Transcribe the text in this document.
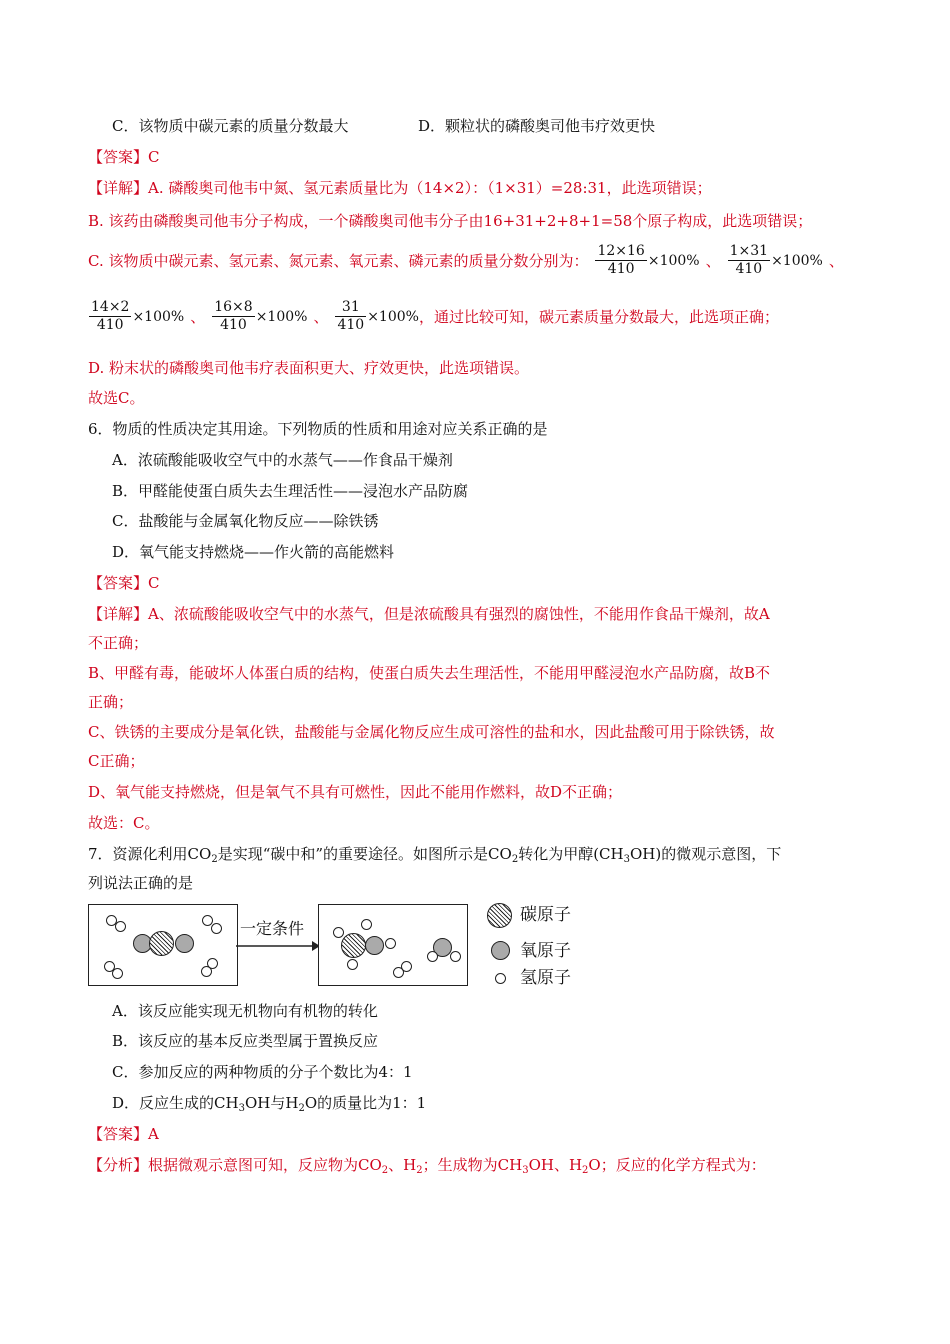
C．该物质中碳元素的质量分数最大	D．颗粒状的磷酸奥司他韦疗效更快
【答案】C
【详解】A. 磷酸奥司他韦中氮、氢元素质量比为（14×2）：（1×31）=28:31，此选项错误；
B. 该药由磷酸奥司他韦分子构成，一个磷酸奥司他韦分子由16+31+2+8+1=58个原子构成，此选项错误；
C. 该物质中碳元素、氢元素、氮元素、氧元素、磷元素的质量分数分别为： $\frac{12\times 16}{410} \times 100\%$ 、 $\frac{1\times 31}{410} \times 100\%$ 、
$\frac{14\times 2}{410} \times 100\%$ 、 $\frac{16\times 8}{410} \times 100\%$ 、 $\frac{31}{410} \times 100\%$ ，通过比较可知，碳元素质量分数最大，此选项正确；
D. 粉末状的磷酸奥司他韦疗表面积更大、疗效更快，此选项错误。
故选C。
6．物质的性质决定其用途。下列物质的性质和用途对应关系正确的是
A．浓硫酸能吸收空气中的水蒸气——作食品干燥剂
B．甲醛能使蛋白质失去生理活性——浸泡水产品防腐
C．盐酸能与金属氧化物反应——除铁锈
D．氧气能支持燃烧——作火箭的高能燃料
【答案】C
【详解】A、浓硫酸能吸收空气中的水蒸气，但是浓硫酸具有强烈的腐蚀性，不能用作食品干燥剂，故A
不正确；
B、甲醛有毒，能破坏人体蛋白质的结构，使蛋白质失去生理活性，不能用甲醛浸泡水产品防腐，故B不
正确；
C、铁锈的主要成分是氧化铁，盐酸能与金属化物反应生成可溶性的盐和水，因此盐酸可用于除铁锈，故
C正确；
D、氧气能支持燃烧，但是氧气不具有可燃性，因此不能用作燃料，故D不正确；
故选：C。
7．资源化利用$CO_2$是实现“碳中和”的重要途径。如图所示是$CO_2$转化为甲醇$(CH_3OH)$的微观示意图，下
列说法正确的是
一定条件
碳原子
氧原子
氢原子
A．该反应能实现无机物向有机物的转化
B．该反应的基本反应类型属于置换反应
C．参加反应的两种物质的分子个数比为4：1
D．反应生成的$CH_3OH$与$H_2O$的质量比为1：1
【答案】A
【分析】根据微观示意图可知，反应物为$CO_2$、$H_2$；生成物为$CH_3OH$、$H_2O$；反应的化学方程式为：
